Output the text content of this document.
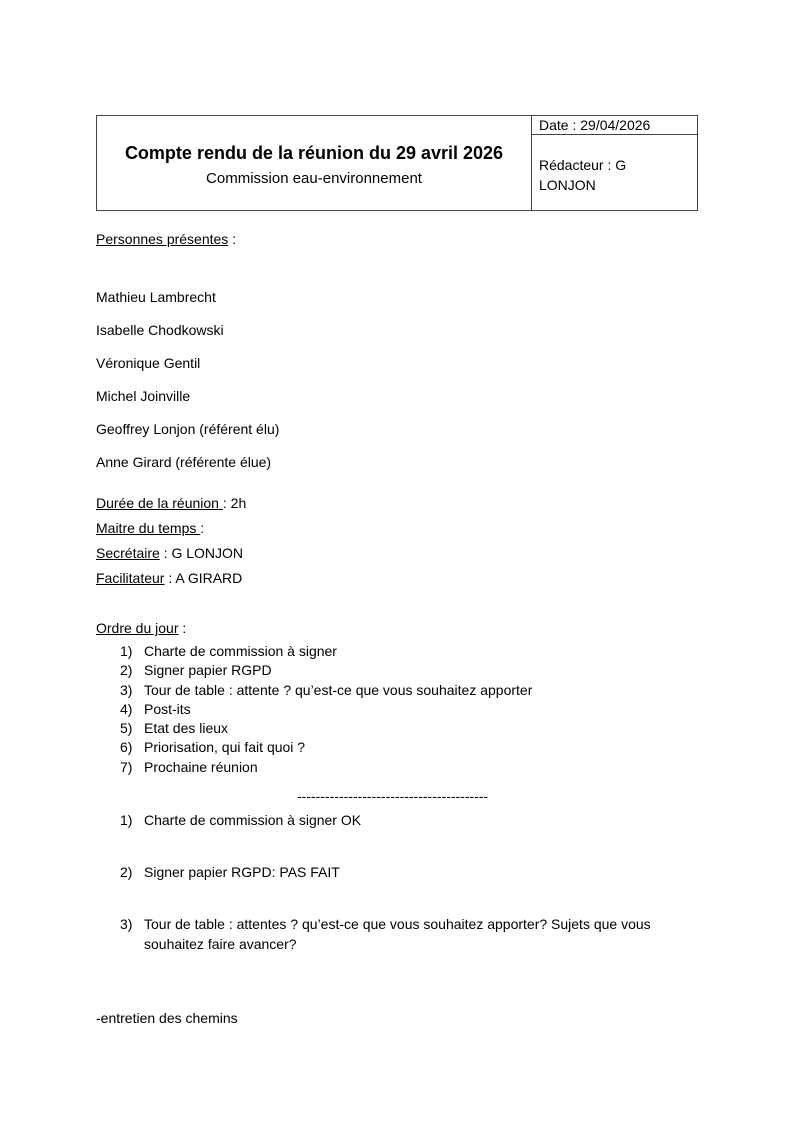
Compte rendu de la réunion du 29 avril 2026
Commission eau-environnement
	Date : 29/04/2026

Rédacteur : G
LONJON
Personnes présentes :
Mathieu Lambrecht
Isabelle Chodkowski
Véronique Gentil
Michel Joinville
Geoffrey Lonjon (référent élu)
Anne Girard (référente élue)
Durée de la réunion : 2h
Maitre du temps :
Secrétaire : G LONJON
Facilitateur : A GIRARD
Ordre du jour :
1) Charte de commission à signer
2) Signer papier RGPD
3) Tour de table : attente ? qu’est-ce que vous souhaitez apporter
4) Post-its
5) Etat des lieux
6) Priorisation, qui fait quoi ?
7) Prochaine réunion
-----------------------------------------
1) Charte de commission à signer OK
2) Signer papier RGPD: PAS FAIT
3) Tour de table : attentes ? qu’est-ce que vous souhaitez apporter? Sujets que vous souhaitez faire avancer?
-entretien des chemins
